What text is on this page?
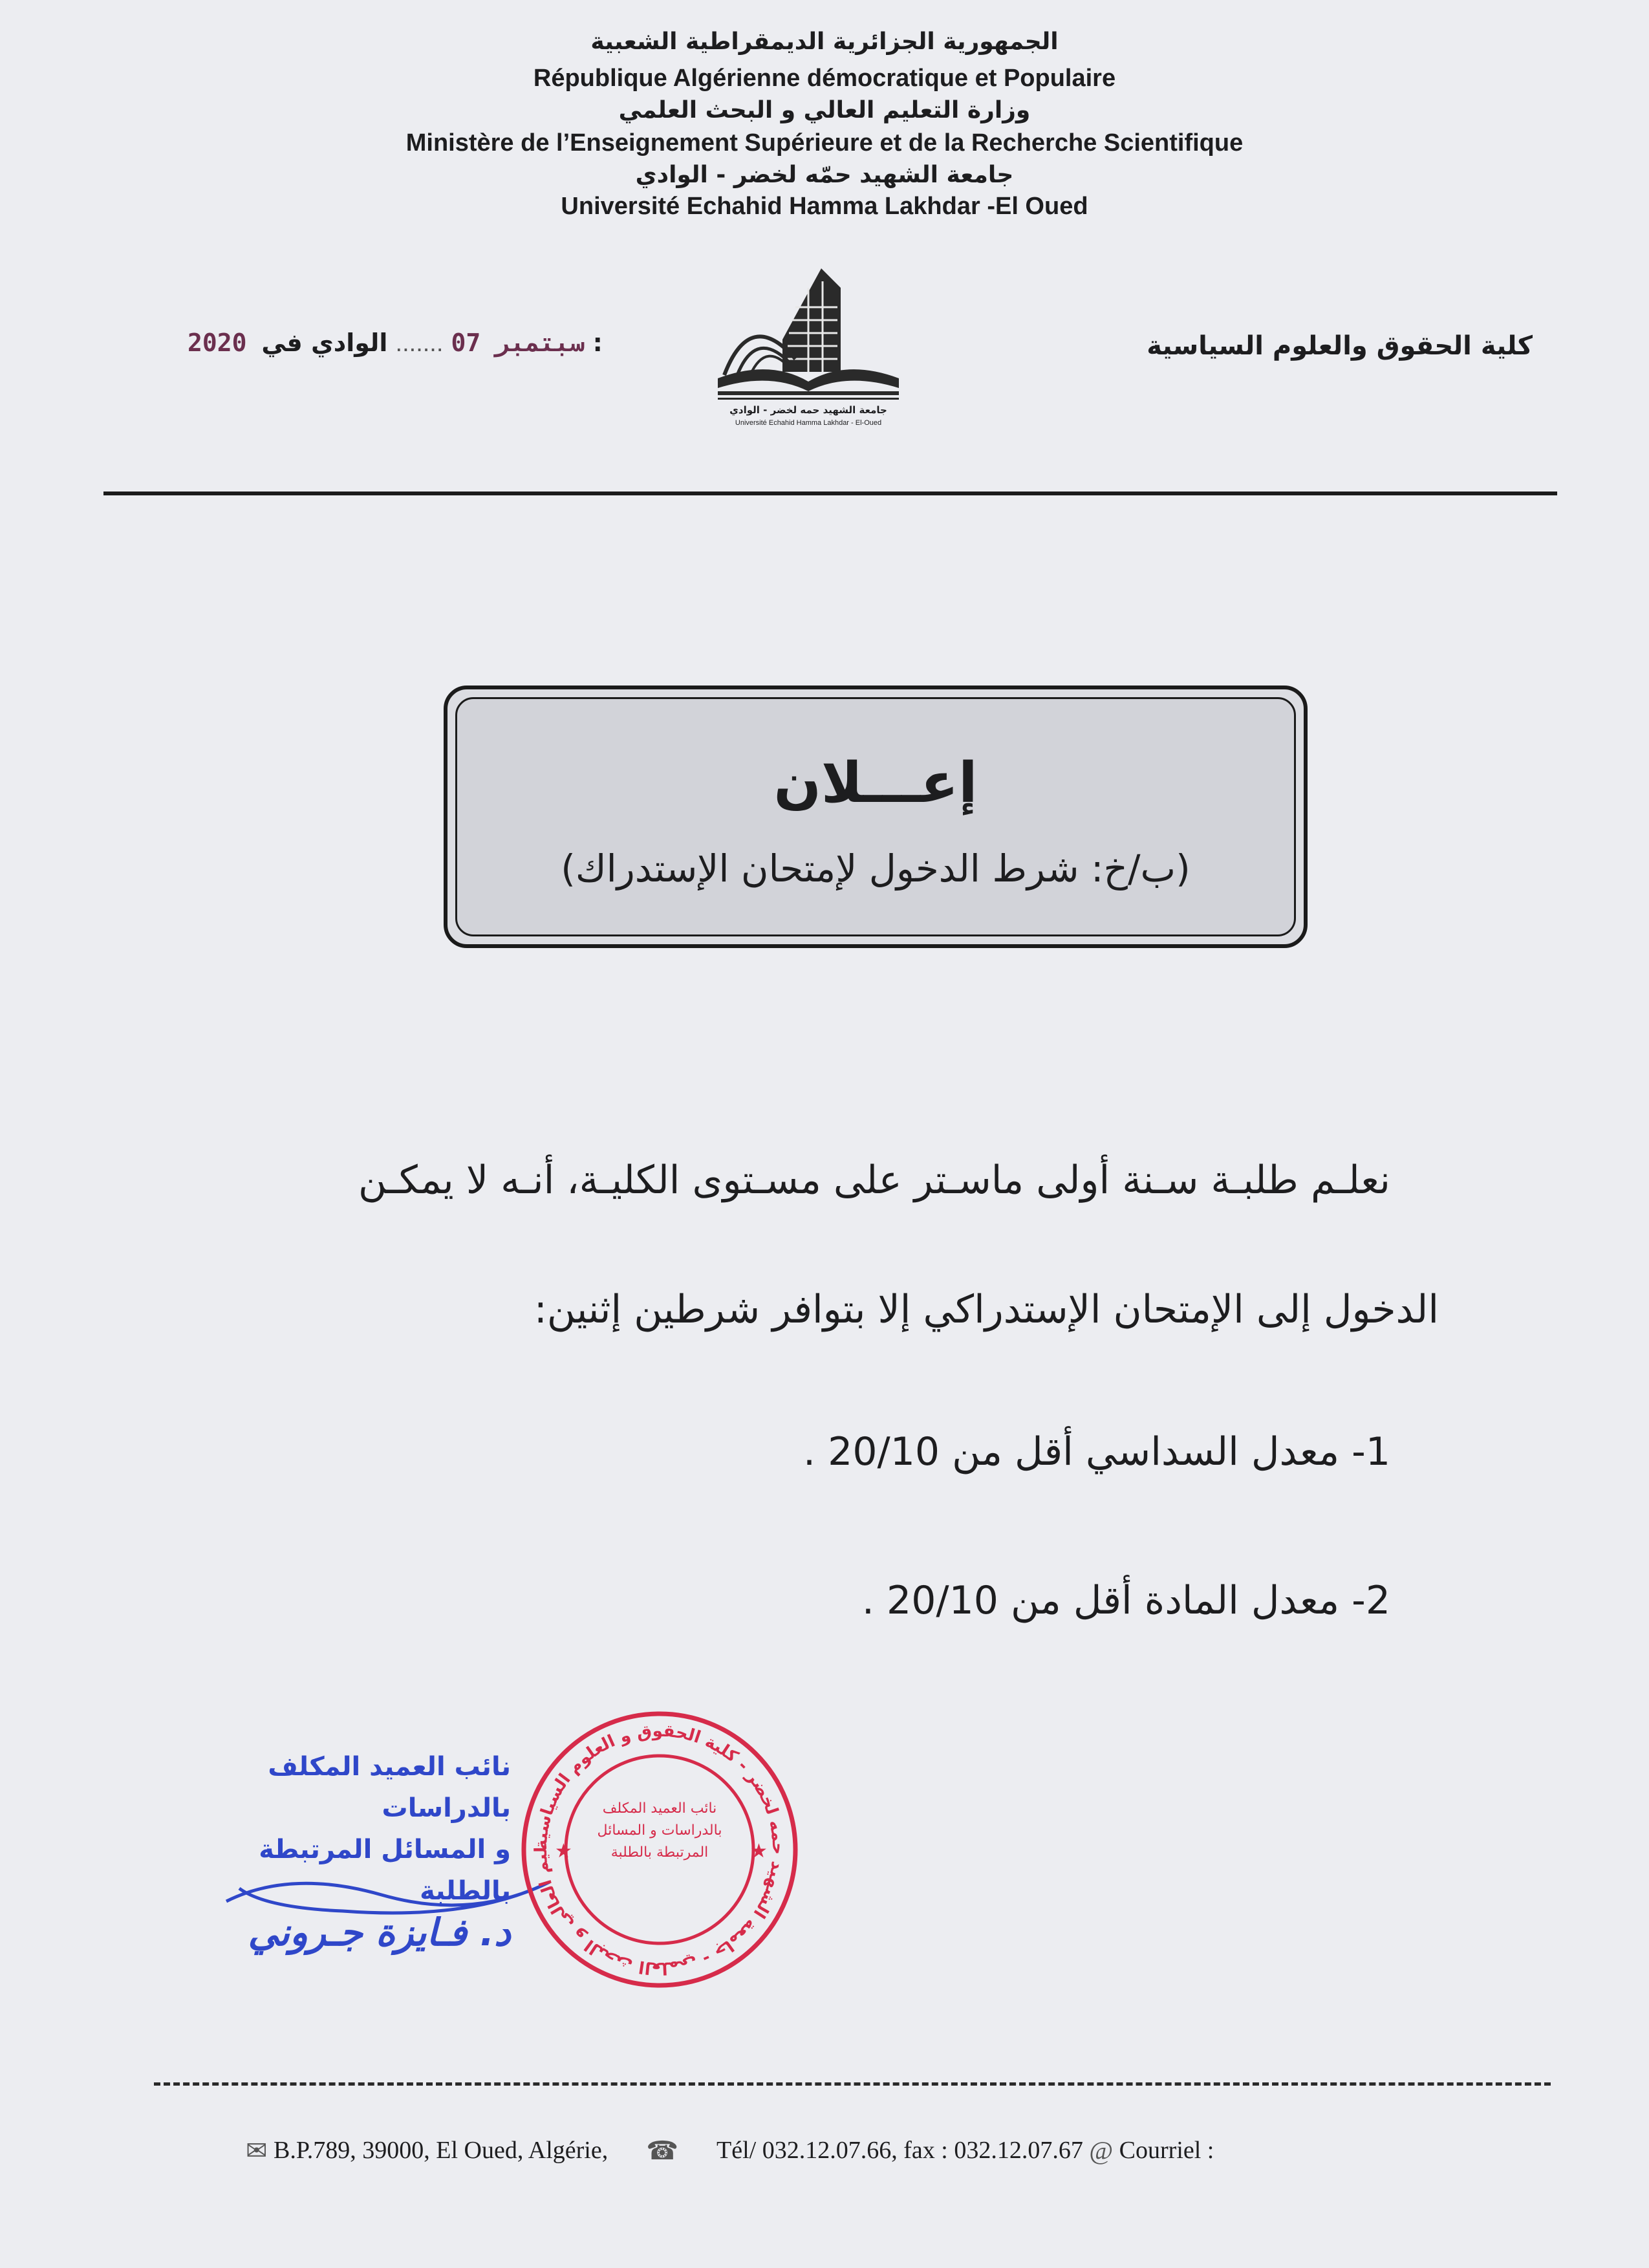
الجمهورية الجزائرية الديمقراطية الشعبية
République Algérienne démocratique et Populaire
وزارة التعليم العالي و البحث العلمي
Ministère de l’Enseignement Supérieure et de la Recherche Scientifique
جامعة الشهيد حمّه لخضر - الوادي
Université Echahid Hamma Lakhdar -El Oued
كلية الحقوق والعلوم السياسية
2020 سبتمبر 07 ....... الوادي في :
جامعة الشهيد حمه لخضر - الوادي
Université Echahid Hamma Lakhdar - El-Oued
إعـــلان
(ب/خ: شرط الدخول لإمتحان الإستدراك)
نعلـم طلبـة سـنة أولى ماسـتر على مسـتوى الكليـة، أنـه لا يمكـن
الدخول إلى الإمتحان الإستدراكي إلا بتوافر شرطين إثنين:
1- معدل السداسي أقل من 20/10 .
2- معدل المادة أقل من 20/10 .
نائب العميد المكلف بالدراسات
و المسائل المرتبطة بالطلبة
د. فـايزة جـروني
ليم العالي و البحث العلمي - جامعة الشهيد حمه لخضر - كلية الحقوق و العلوم السياسية
نائب العميد المكلف بالدراسات و المسائل المرتبطة بالطلبة
★	★
✉ B.P.789, 39000, El Oued, Algérie, ☎ Tél/ 032.12.07.66, fax : 032.12.07.67 @ Courriel :
